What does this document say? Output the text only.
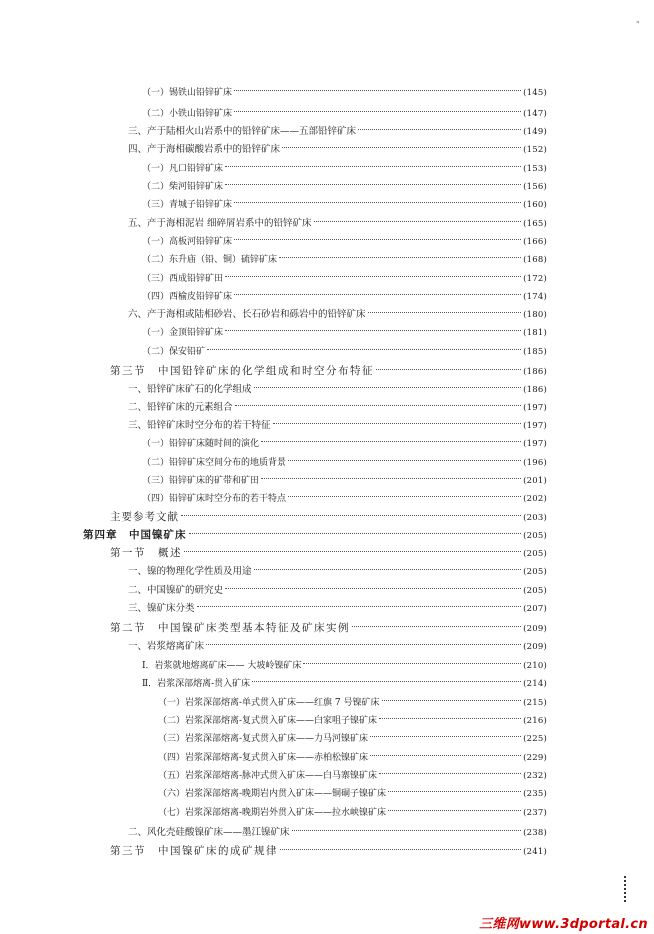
"
（一）锡铁山铅锌矿床	(145)
（二）小铁山铅锌矿床	(147)
三、产于陆相火山岩系中的铅锌矿床——五部铅锌矿床	(149)
四、产于海相碳酸岩系中的铅锌矿床	(152)
（一）凡口铅锌矿床	(153)
（二）柴河铅锌矿床	(156)
（三）青城子铅锌矿床	(160)
五、产于海相泥岩 细碎屑岩系中的铅锌矿床	(165)
（一）高板河铅锌矿床	(166)
（二）东升庙（铅、铜）硫锌矿床	(168)
（三）西成铅锌矿田	(172)
（四）西榆皮铅锌矿床	(174)
六、产于海相或陆相砂岩、长石砂岩和砾岩中的铅锌矿床	(180)
（一）金顶铅锌矿床	(181)
（二）保安铅矿	(185)
第三节　中国铅锌矿床的化学组成和时空分布特征	(186)
一、铅锌矿床矿石的化学组成	(186)
二、铅锌矿床的元素组合	(197)
三、铅锌矿床时空分布的若干特征	(197)
（一）铅锌矿床随时间的演化	(197)
（二）铅锌矿床空间分布的地质背景	(196)
（三）铅锌矿床的矿带和矿田	(201)
（四）铅锌矿床时空分布的若干特点	(202)
主要参考文献	(203)
第四章　中国镍矿床	(205)
第一节　概述	(205)
一、镍的物理化学性质及用途	(205)
二、中国镍矿的研究史	(205)
三、镍矿床分类	(207)
第二节　中国镍矿床类型基本特征及矿床实例	(209)
一、岩浆熔离矿床	(209)
Ⅰ．岩浆就地熔离矿床—— 大坡岭镍矿床	(210)
Ⅱ．岩浆深部熔离-贯入矿床	(214)
（一）岩浆深部熔离-单式贯入矿床——红旗 7 号镍矿床	(215)
（二）岩浆深部熔离-复式贯入矿床——白家咀子镍矿床	(216)
（三）岩浆深部熔离-复式贯入矿床——力马河镍矿床	(225)
（四）岩浆深部熔离-复式贯入矿床——赤柏松镍矿床	(229)
（五）岩浆深部熔离-脉冲式贯入矿床——白马寨镍矿床	(232)
（六）岩浆深部熔离-晚期岩内贯入矿床——铜硐子镍矿床	(235)
（七）岩浆深部熔离-晚期岩外贯入矿床——拉水峡镍矿床	(237)
二、风化壳硅酸镍矿床——墨江镍矿床	(238)
第三节　中国镍矿床的成矿规律	(241)
三维网www.3dportal.cn
